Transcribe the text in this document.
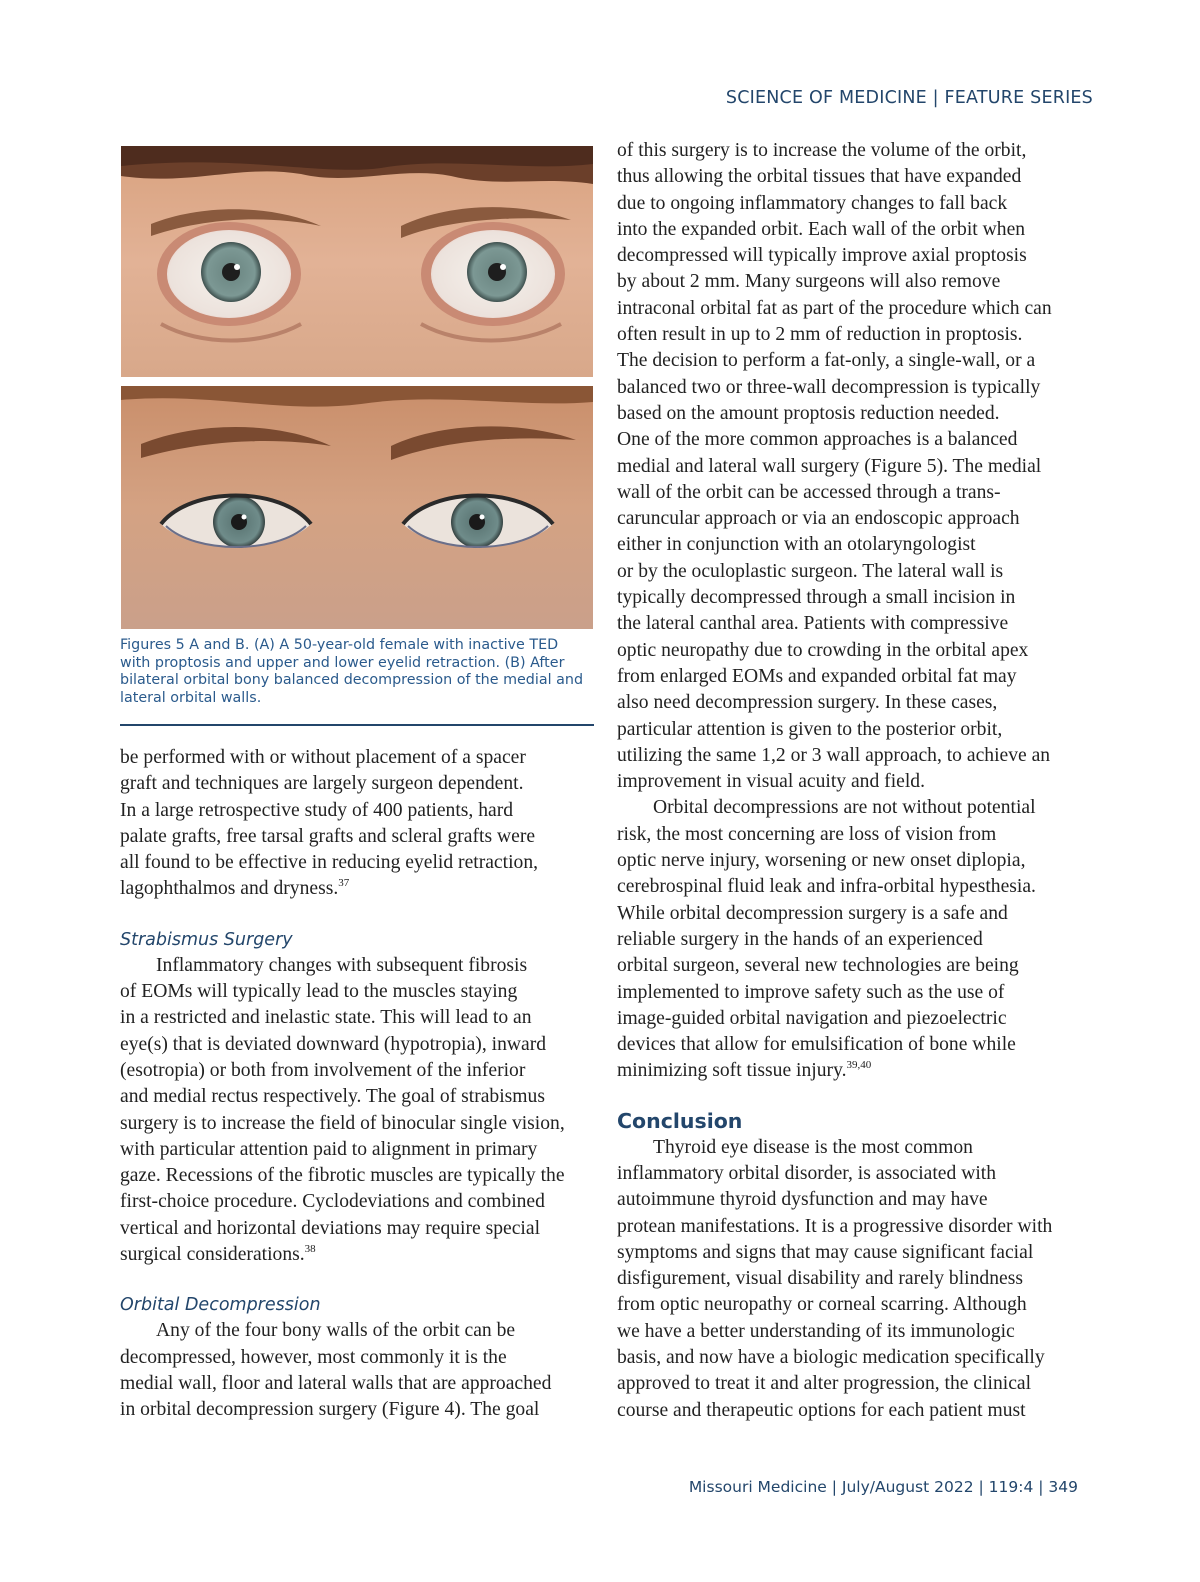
SCIENCE OF MEDICINE | FEATURE SERIES
Figures 5 A and B. (A) A 50-year-old female with inactive TED with proptosis and upper and lower eyelid retraction. (B) After bilateral orbital bony balanced decompression of the medial and lateral orbital walls.

be performed with or without placement of a spacer
graft and techniques are largely surgeon dependent.
In a large retrospective study of 400 patients, hard
palate grafts, free tarsal grafts and scleral grafts were
all found to be effective in reducing eyelid retraction,
lagophthalmos and dryness.$^{37}$

Strabismus Surgery

Inflammatory changes with subsequent fibrosis
of EOMs will typically lead to the muscles staying
in a restricted and inelastic state. This will lead to an
eye(s) that is deviated downward (hypotropia), inward
(esotropia) or both from involvement of the inferior
and medial rectus respectively. The goal of strabismus
surgery is to increase the field of binocular single vision,
with particular attention paid to alignment in primary
gaze. Recessions of the fibrotic muscles are typically the
first-choice procedure. Cyclodeviations and combined
vertical and horizontal deviations may require special
surgical considerations.$^{38}$

Orbital Decompression

Any of the four bony walls of the orbit can be
decompressed, however, most commonly it is the
medial wall, floor and lateral walls that are approached
in orbital decompression surgery (Figure 4). The goal

of this surgery is to increase the volume of the orbit,
thus allowing the orbital tissues that have expanded
due to ongoing inflammatory changes to fall back
into the expanded orbit. Each wall of the orbit when
decompressed will typically improve axial proptosis
by about 2 mm. Many surgeons will also remove
intraconal orbital fat as part of the procedure which can
often result in up to 2 mm of reduction in proptosis.
The decision to perform a fat-only, a single-wall, or a
balanced two or three-wall decompression is typically
based on the amount proptosis reduction needed.
One of the more common approaches is a balanced
medial and lateral wall surgery (Figure 5). The medial
wall of the orbit can be accessed through a trans-
caruncular approach or via an endoscopic approach
either in conjunction with an otolaryngologist
or by the oculoplastic surgeon. The lateral wall is
typically decompressed through a small incision in
the lateral canthal area. Patients with compressive
optic neuropathy due to crowding in the orbital apex
from enlarged EOMs and expanded orbital fat may
also need decompression surgery. In these cases,
particular attention is given to the posterior orbit,
utilizing the same 1,2 or 3 wall approach, to achieve an
improvement in visual acuity and field.

Orbital decompressions are not without potential
risk, the most concerning are loss of vision from
optic nerve injury, worsening or new onset diplopia,
cerebrospinal fluid leak and infra-orbital hypesthesia.
While orbital decompression surgery is a safe and
reliable surgery in the hands of an experienced
orbital surgeon, several new technologies are being
implemented to improve safety such as the use of
image-guided orbital navigation and piezoelectric
devices that allow for emulsification of bone while
minimizing soft tissue injury.$^{39,40}$

Conclusion

Thyroid eye disease is the most common
inflammatory orbital disorder, is associated with
autoimmune thyroid dysfunction and may have
protean manifestations. It is a progressive disorder with
symptoms and signs that may cause significant facial
disfigurement, visual disability and rarely blindness
from optic neuropathy or corneal scarring. Although
we have a better understanding of its immunologic
basis, and now have a biologic medication specifically
approved to treat it and alter progression, the clinical
course and therapeutic options for each patient must

Missouri Medicine | July/August 2022 | 119:4 | 349
